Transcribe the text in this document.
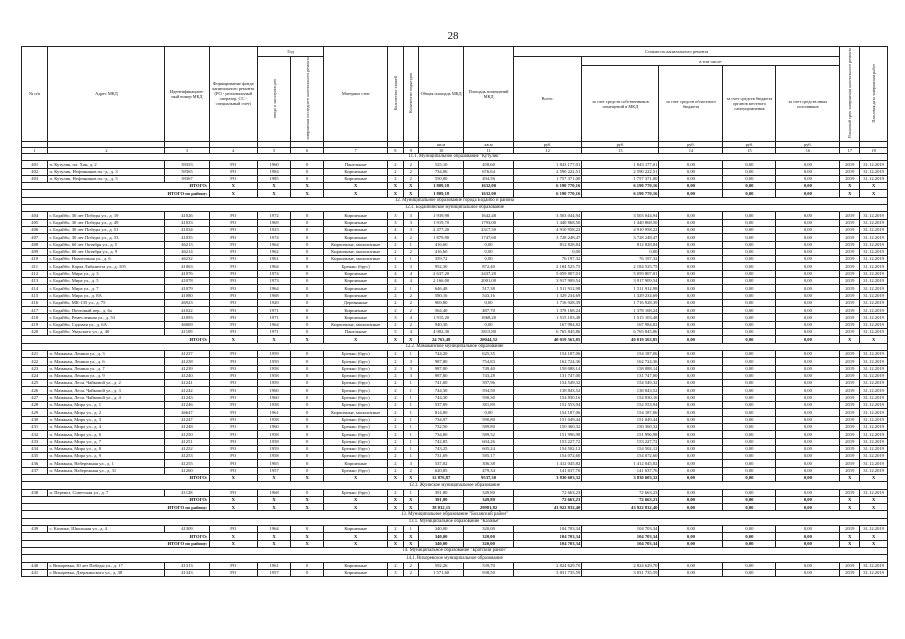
28
№ п/п	Адрес МКД	Идентификацион-ный номер МКД	Формирование фонда капитального ремонта (РО - региональный оператор, СС - специальный счет)	Год		Материал стен	Количество этажей	Количество подъездов	Общая площадь МКД	Площадь помещений МКД	Стоимость капитального ремонта					Плановый срок завершения капитального ремонта	Плановая дата завершения работ
				ввода в эксплуатацию	завершения последнего капитального ремонта						Всего:	в том числе:					
												за счет средств собственников помещений в МКД	за счет средств областного бюджета	за счет средств бюджета органов местного самоуправления	за счет средств иных источников		
									кв.м	кв.м	руб.	руб.	руб.	руб.	руб.		
1	2	3	4	5	6	7	8	9	10	11	12	13	14	15	16	17	18
11.1. Муниципальное образование "Кутулик"																	
401	п. Кутулик, пл. Хан, д. 2	39353	РО	1960	0	Панельные	2	2	525,10	458,60	1 843 177,01	1 843 177,01	0,00	0,00	0,00	2019	31.12.2019
402	п. Кутулик, Нефтяников пл.-д., д. 3	39365	РО	1984	0	Кирпичные	2	2	734,06	676,64	2 590 222,51	2 590 222,51	0,00	0,00	0,00	2019	31.12.2019
403	п. Кутулик, Нефтяников пл.-д., д. 5	39367	РО	1985	0	Кирпичные	2	2	550,00	494,56	1 757 371,00	1 757 371,00	0,00	0,00	0,00	2019	31.12.2019
ИТОГО:			X	X	X	X	X	X	1 809,18	1632,00	6 190 770,16	6 190 770,16	0,00	0,00	0,00	X	X
ИТОГО по району:			X	X	X	X	X	X	1 809,18	1632,00	6 190 770,16	6 190 770,16	0,00	0,00	0,00	X	X
12. Муниципальное образование города Бодайбо и района																	
12.1. Бодайбинское муниципальное образование																	
404	г. Бодайбо, 30 лет Победы ул., д. 19	41026	РО	1972	0	Кирпичные	3	3	1 939,98	1642,48	3 503 044,94	3 503 044,94	0,00	0,00	0,00	2019	31.12.2019
405	г. Бодайбо, 30 лет Победы ул., д. 49	41033	РО	1969	0	Кирпичные	3	3	1 919,70	1793,00	1 440 868,50	1 440 868,50	0,00	0,00	0,00	2019	31.12.2019
406	г. Бодайбо, 30 лет Победы ул., д. 51	41034	РО	1923	0	Кирпичные	4	3	2 477,20	2317,50	4 910 958,22	4 910 958,22	0,00	0,00	0,00	2019	31.12.2019
407	г. Бодайбо, 30 лет Победы ул., д. 53	41035	РО	1974	0	Кирпичные	4	2	1 879,90	1747,60	3 728 248,47	3 728 248,47	0,00	0,00	0,00	2019	31.12.2019
408	г. Бодайбо, 60 лет Октября ул., д. 5	46213	РО	1964	0	Кирпичные, монолитные	2	1	416,60	0,00	812 828,84	812 828,84	0,00	0,00	0,00	2019	31.12.2019
409	г. Бодайбо, 60 лет Октября ул., д. 9	46214	РО	1962	0	Кирпичные, монолитные	2	2	416,60	0,00	0,00	0,00	0,00	0,00	0,00	2019	31.12.2019
410	г. Бодайбо, Новоточная ул., д. 6	46232	РО	1961	0	Кирпичные, монолитные	1	1	359,72	0,00	76 197,32	76 197,32	0,00	0,00	0,00	2019	31.12.2019
411	г. Бодайбо, Карла Либкнехта ул., д. 105	41063	РО	1964	0	Брежно (брус)	2	3	952,30	872,40	2 184 525,75	2 184 525,75	0,00	0,00	0,00	2019	31.12.2019
412	г. Бодайбо, Мира ул., д. 3	41076	РО	1974	0	Кирпичные	4	4	2 637,20	2437,20	5 059 807,01	5 059 807,01	0,00	0,00	0,00	2019	31.12.2019
413	г. Бодайбо, Мира ул., д. 5	41078	РО	1973	0	Кирпичные	4	4	2 166,00	2001,00	3 917 909,54	3 917 909,54	0,00	0,00	0,00	2019	31.12.2019
414	г. Бодайбо, Мира ул., д. 7	41079	РО	1964	0	Кирпичные	2	1	646,48	517,38	1 511 912,98	1 511 912,98	0,00	0,00	0,00	2019	31.12.2019
415	г. Бодайбо, Мира ул., д. 8А	41080	РО	1968	0	Кирпичные	2	2	580,16	543,16	1 329 234,69	1 329 234,69	0,00	0,00	0,00	2019	31.12.2019
416	г. Бодайбо, МК-135 ул., д. 75	46923	РО	1920	0	Деревянные	2	2	969,80	0,00	1 716 928,39	1 716 928,39	0,00	0,00	0,00	2019	31.12.2019
417	г. Бодайбо, Почтовый пер., д. 6а	41022	РО	1971	0	Кирпичные	2	2	564,40	487,70	1 378 168,24	1 378 168,24	0,00	0,00	0,00	2019	31.12.2019
418	г. Бодайбо, Ремесленная ул., д. 53	41093	РО	1971	0	Кирпичные	3	4	1 915,20	1868,20	1 515 103,48	1 515 103,48	0,00	0,00	0,00	2019	31.12.2019
419	г. Бодайбо, Садовая ул., д. 6А	46069	РО	1964	0	Кирпичные, монолитные	2	2	940,30	0,00	167 984,82	167 984,82	0,00	0,00	0,00	2019	31.12.2019
420	г. Бодайбо, Уваьского ул., д. 40	41109	РО	1971	0	Панельные	5	4	4 082,30	3815,80	6 765 845,86	6 765 845,86	0,00	0,00	0,00	2019	31.12.2019
ИТОГО:			X	X	X	X	X	X	24 763,48	20044,52	40 019 563,85	40 019 563,85	0,00	0,00	0,00	X	X
12.2. Мамаканское муниципальное образование																	
421	п. Мамакан, Ленина ул., д. 3	41237	РО	1959	0	Брежно (брус)	2	1	744,20	625,35	154 187,06	154 187,06	0,00	0,00	0,00	2019	31.12.2019
422	п. Мамакан, Ленина ул., д. 6	41238	РО	1959	0	Брежно (брус)	2	3	987,80	754,83	162 724,36	162 724,36	0,00	0,00	0,00	2019	31.12.2019
423	п. Мамакан, Ленина ул., д. 7	41239	РО	1958	0	Брежно (брус)	2	3	987,80	749,40	158 088,14	158 088,14	0,00	0,00	0,00	2019	31.12.2019
424	п. Мамакан, Ленина ул., д. 9	41240	РО	1958	0	Брежно (брус)	2	3	987,80	743,28	131 747,00	131 747,00	0,00	0,00	0,00	2019	31.12.2019
425	п. Мамакан, Лесн. Чайковой ул., д. 2	41241	РО	1959	0	Брежно (брус)	2	1	741,00	597,96	154 549,32	154 549,32	0,00	0,00	0,00	2019	31.12.2019
426	п. Мамакан, Лесн. Чайковой ул., д. 3	41242	РО	1960	0	Брежно (брус)	2	1	744,30	594,50	138 843,52	138 843,52	0,00	0,00	0,00	2019	31.12.2019
427	п. Мамакан, Лесн. Чайковой ул., д. 4	41243	РО	1960	0	Брежно (брус)	2	1	744,30	590,30	154 830,16	154 830,16	0,00	0,00	0,00	2019	31.12.2019
428	п. Мамакан, Мира ул., д. 1	41246	РО	1958	0	Брежно (брус)	2	1	537,89	381,89	152 553,94	152 553,94	0,00	0,00	0,00	2019	31.12.2019
429	п. Мамакан, Мира ул., д. 2	46647	РО	1961	0	Кирпичные, монолитные	2	1	814,80	0,00	154 187,06	154 187,06	0,00	0,00	0,00	2019	31.12.2019
430	п. Мамакан, Мира ул., д. 3	41247	РО	1958	0	Брежно (брус)	2	1	734,97	590,80	151 049,44	151 049,44	0,00	0,00	0,00	2019	31.12.2019
431	п. Мамакан, Мира ул., д. 4	41248	РО	1960	0	Брежно (брус)	2	1	732,50	589,80	150 360,32	150 360,32	0,00	0,00	0,00	2019	31.12.2019
432	п. Мамакан, Мира ул., д. 6	41250	РО	1958	0	Брежно (брус)	2	1	734,80	589,52	151 996,98	151 996,98	0,00	0,00	0,00	2019	31.12.2019
433	п. Мамакан, Мира ул., д. 7	41251	РО	1958	0	Брежно (брус)	2	1	742,85	604,26	153 227,72	153 227,72	0,00	0,00	0,00	2019	31.12.2019
434	п. Мамакан, Мира ул., д. 8	41252	РО	1959	0	Брежно (брус)	2	1	743,25	605,24	154 502,12	154 502,12	0,00	0,00	0,00	2019	31.12.2019
435	п. Мамакан, Мира ул., д. 9	41253	РО	1958	0	Брежно (брус)	2	1	731,69	585,17	154 072,60	154 072,60	0,00	0,00	0,00	2019	31.12.2019
436	п. Мамакан, Набережная ул., д. 1	41255	РО	1965	0	Кирпичные	2	3	537,02	306,38	1 412 045,82	1 412 045,82	0,00	0,00	0,00	2019	31.12.2019
437	п. Мамакан, Набережная ул., д. 31	41260	РО	1957	0	Брежно (брус)	2	2	620,85	479,34	141 637,76	141 637,76	0,00	0,00	0,00	2019	31.12.2019
ИТОГО:			X	X	X	X	X	X	12 876,87	9537,30	3 830 603,32	3 830 603,32	0,00	0,00	0,00	X	X
12.3. Жуинское муниципальное образование																	
438	п. Перевоз, Советская ул., д. 7	41128	РО	1968	0	Брежно (брус)	2	1	391,80	349,80	72 663,23	72 663,23	0,00	0,00	0,00	2019	31.12.2019
ИТОГО:			X	X	X	X	X	X	391,80	349,80	72 663,23	72 663,23	0,00	0,00	0,00	X	X
ИТОГО по району:			X	X	X	X	X	X	38 032,15	29981,82	43 922 832,40	43 922 832,40	0,00	0,00	0,00	X	X
13. Муниципальное образование "Боханский район"																	
13.1. Муниципальное образование "Казачье"																	
439	с. Казачье, Школьная ул., д. 4	41309	РО	1964	0	Кирпичные	2	1	340,00	320,00	104 703,34	104 703,34	0,00	0,00	0,00	2019	31.12.2019
ИТОГО:			X	X	X	X	X	X	340,00	320,00	104 703,34	104 703,34	0,00	0,00	0,00	X	X
ИТОГО по району:			X	X	X	X	X	X	340,00	320,00	104 703,34	104 703,34	0,00	0,00	0,00	X	X
14. Муниципальное образование "Братский район"																	
14.1. Вихоревское муниципальное образование																	
440	г. Вихоревка, 30 лет Победы ул., д. 17	41313	РО	1961	0	Кирпичные	2	2	592,26	539,70	2 824 629,70	2 824 629,70	0,00	0,00	0,00	2019	31.12.2019
441	г. Вихоревка, Дзержинского ул., д. 38	41343	РО	1957	0	Кирпичные	3	2	1 571,60	938,50	3 831 735,59	3 831 735,59	0,00	0,00	0,00	2019	31.12.2019
